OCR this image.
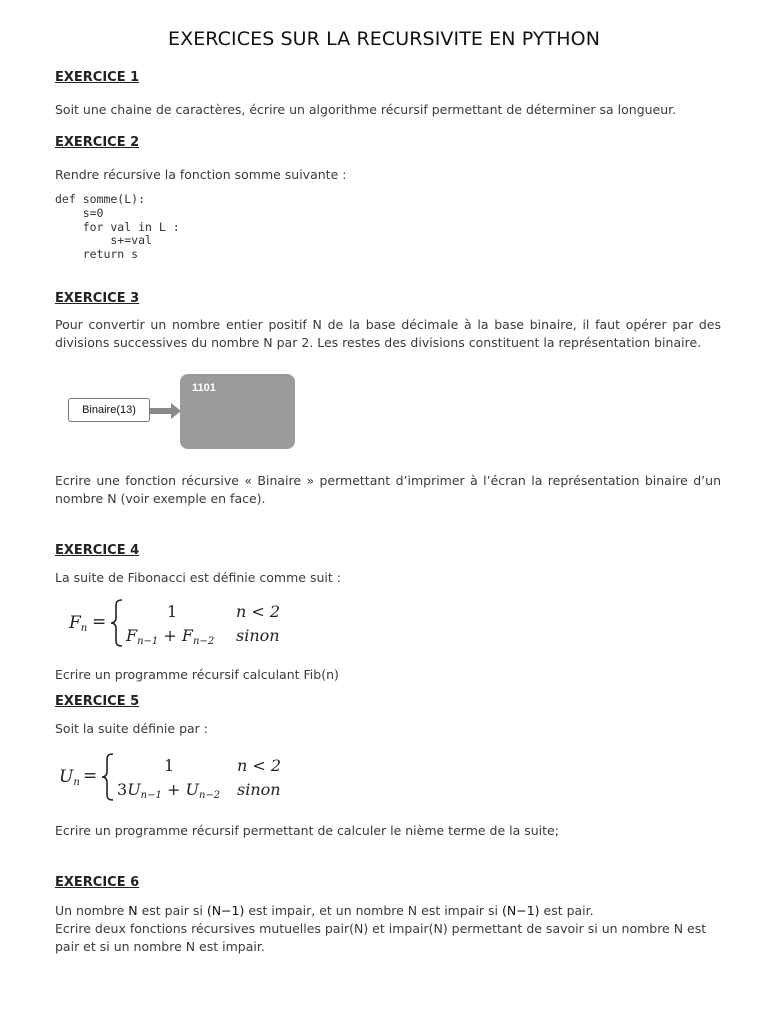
EXERCICES SUR LA RECURSIVITE EN PYTHON
EXERCICE 1
Soit une chaine de caractères, écrire un algorithme récursif permettant de déterminer sa longueur.
EXERCICE 2
Rendre récursive la fonction somme suivante :
def somme(L):
s=0
for val in L :
s+=val
return s
EXERCICE 3
Pour convertir un nombre entier positif N de la base décimale à la base binaire, il faut opérer par des divisions successives du nombre N par 2. Les restes des divisions constituent la représentation binaire.
Binaire(13)
1101
Ecrire une fonction récursive « Binaire » permettant d’imprimer à l’écran la représentation binaire d’un nombre N (voir exemple en face).
EXERCICE 4
La suite de Fibonacci est définie comme suit :
$F_n$ =
1	n < 2
$F_{n-1} + F_{n-2}$ sinon
Ecrire un programme récursif calculant Fib(n)
EXERCICE 5
Soit la suite définie par :
$U_n$ =
1	n < 2
$3U_{n-1} + U_{n-2}$ sinon
Ecrire un programme récursif permettant de calculer le nième terme de la suite;
EXERCICE 6
Un nombre N est pair si (N−1) est impair, et un nombre N est impair si (N−1) est pair.
Ecrire deux fonctions récursives mutuelles pair(N) et impair(N) permettant de savoir si un nombre N est pair et si un nombre N est impair.
